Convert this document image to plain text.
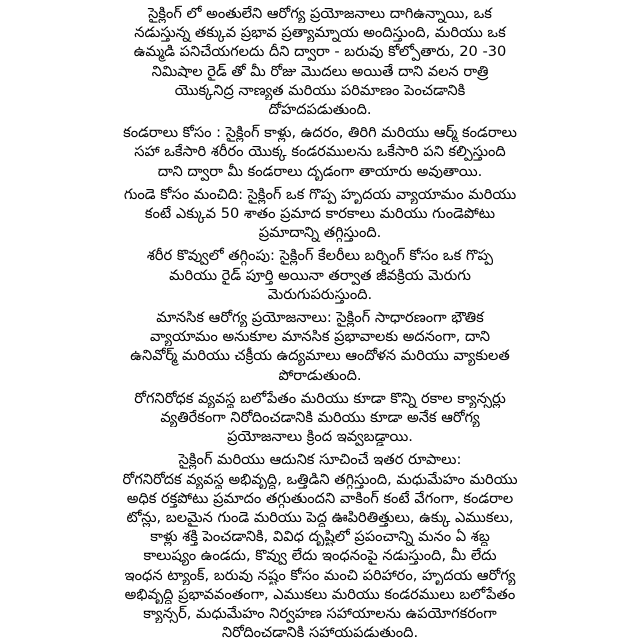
సైక్లింగ్ లో అంతులేని ఆరోగ్య ప్రయోజనాలు దాగిఉన్నాయి, ఒక
నడుస్తున్న తక్కువ ప్రభావ ప్రత్యామ్నాయ అందిస్తుంది, మరియు ఒక
ఉమ్మడి పనిచేయగలదు దీని ద్వారా - బరువు కోల్పోతారు, 20 -30
నిమిషాల రైడ్ తో మీ రోజు మొదలు అయితే దాని వలన రాత్రి
యొక్కనిద్ర నాణ్యత మరియు పరిమాణం పెంచడానికి
దోహదపడుతుంది.
కండరాలు కోసం : సైక్లింగ్ కాళ్లు, ఉదరం, తిరిగి మరియు ఆర్మ్ కండరాలు
సహా ఒకేసారి శరీరం యొక్క కండరములను ఒకేసారి పని కల్పిస్తుంది
దాని ద్వారా మీ కండరాలు దృడంగా తాయారు అవుతాయి.
గుండె కోసం మంచిది: సైక్లింగ్ ఒక గొప్ప హృదయ వ్యాయామం మరియు
కంటే ఎక్కువ 50 శాతం ప్రమాద కారకాలు మరియు గుండెపోటు
ప్రమాదాన్ని తగ్గిస్తుంది.
శరీర కొవ్వులో తగ్గింపు: సైక్లింగ్ కేలరీలు బర్నింగ్ కోసం ఒక గొప్ప
మరియు రైడ్ పూర్తి అయినా తర్వాత జీవక్రియ మెరుగు
మెరుగుపరుస్తుంది.
మానసిక ఆరోగ్య ప్రయోజనాలు: సైక్లింగ్ సాధారణంగా భౌతిక
వ్యాయామం అనుకూల మానసిక ప్రభావాలకు అదనంగా, దాని
ఉనివోర్మ్ మరియు చక్రీయ ఉద్యమాలు ఆందోళన మరియు వ్యాకులత
పోరాడుతుంది.
రోగనిరోధక వ్యవస్థ బలోపేతం మరియు కూడా కొన్ని రకాల క్యాన్సర్లు
వ్యతిరేకంగా నిరోదించడానికి మరియు కూడా అనేక ఆరోగ్య
ప్రయోజనాలు క్రింద ఇవ్వబడ్డాయి.
సైక్లింగ్ మరియు ఆదునిక సూచించే ఇతర రూపాలు:
రోగనిరోదక వ్యవస్థ అభివృద్ధి, ఒత్తిడిని తగ్గిస్తుంది, మధుమేహం మరియు
అధిక రక్తపోటు ప్రమాదం తగ్గుతుందని వాకింగ్ కంటే వేగంగా, కండరాల
టోన్లు, బలమైన గుండె మరియు పెద్ద ఊపిరితిత్తులు, ఉక్కు ఎముకలు,
కాళ్లు శక్తి పెంచడానికి, వివిధ దృష్టిలో ప్రపంచాన్ని మనం ఏ శబ్ద
కాలుష్యం ఉండదు, కొవ్వు లేదు ఇంధనంపై నడుస్తుంది, మీ లేదు
ఇంధన ట్యాంక్, బరువు నష్టం కోసం మంచి పరిహారం, హృదయ ఆరోగ్య
అభివృద్ధి ప్రభావవంతంగా, ఎముకలు మరియు కండరములు బలోపేతం
క్యాన్సర్, మధుమేహం నిర్వహణ సహాయాలను ఉపయోగకరంగా
నిరోదించడానికి సహాయపడుతుంది.
